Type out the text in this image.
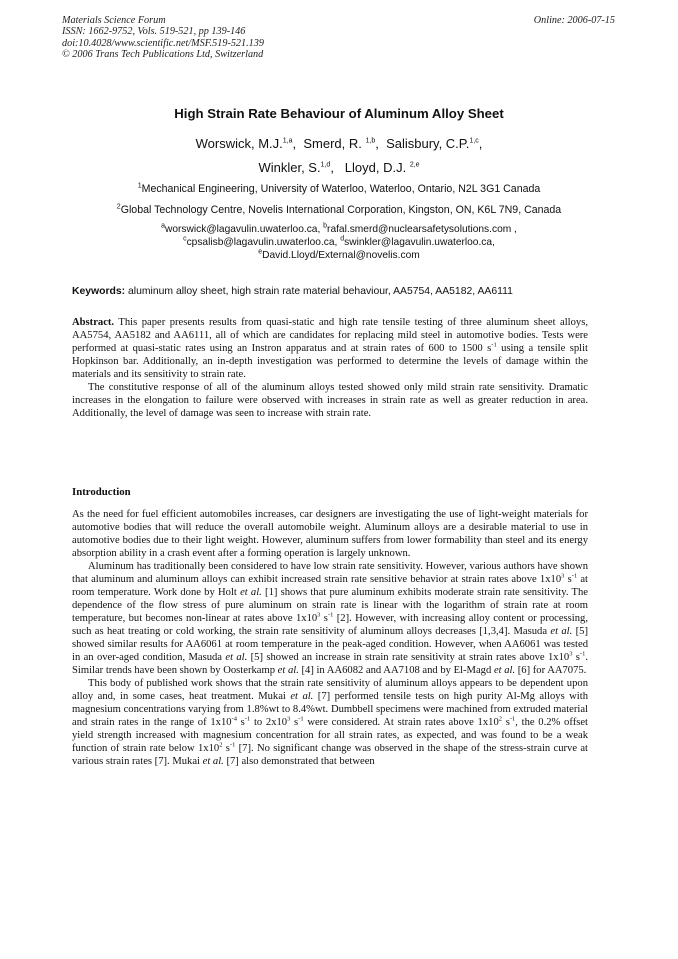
Materials Science Forum
ISSN: 1662-9752, Vols. 519-521, pp 139-146
doi:10.4028/www.scientific.net/MSF.519-521.139
© 2006 Trans Tech Publications Ltd, Switzerland
Online: 2006-07-15
High Strain Rate Behaviour of Aluminum Alloy Sheet
Worswick, M.J.$^{1,a}$,  Smerd, R. $^{1,b}$,  Salisbury, C.P.$^{1,c}$,
Winkler, S.$^{1,d}$,   Lloyd, D.J. $^{2,e}$
$^1$Mechanical Engineering, University of Waterloo, Waterloo, Ontario, N2L 3G1 Canada
$^2$Global Technology Centre, Novelis International Corporation, Kingston, ON, K6L 7N9, Canada
$^a$worswick@lagavulin.uwaterloo.ca, $^b$rafal.smerd@nuclearsafetysolutions.com ,
$^c$cpsalisb@lagavulin.uwaterloo.ca, $^d$swinkler@lagavulin.uwaterloo.ca,
$^e$David.Lloyd/External@novelis.com
Keywords: aluminum alloy sheet, high strain rate material behaviour, AA5754, AA5182, AA6111

Abstract. This paper presents results from quasi-static and high rate tensile testing of three aluminum sheet alloys, AA5754, AA5182 and AA6111, all of which are candidates for replacing mild steel in automotive bodies. Tests were performed at quasi-static rates using an Instron apparatus and at strain rates of 600 to 1500 $s^{-1}$ using a tensile split Hopkinson bar. Additionally, an in-depth investigation was performed to determine the levels of damage within the materials and its sensitivity to strain rate.

The constitutive response of all of the aluminum alloys tested showed only mild strain rate sensitivity. Dramatic increases in the elongation to failure were observed with increases in strain rate as well as greater reduction in area. Additionally, the level of damage was seen to increase with strain rate.

Introduction

As the need for fuel efficient automobiles increases, car designers are investigating the use of light-weight materials for automotive bodies that will reduce the overall automobile weight. Aluminum alloys are a desirable material to use in automotive bodies due to their light weight. However, aluminum suffers from lower formability than steel and its energy absorption ability in a crash event after a forming operation is largely unknown.

Aluminum has traditionally been considered to have low strain rate sensitivity. However, various authors have shown that aluminum and aluminum alloys can exhibit increased strain rate sensitive behavior at strain rates above $1x10^3$ $s^{-1}$ at room temperature. Work done by Holt et al. [1] shows that pure aluminum exhibits moderate strain rate sensitivity. The dependence of the flow stress of pure aluminum on strain rate is linear with the logarithm of strain rate at room temperature, but becomes non-linear at rates above $1x10^3$ $s^{-1}$ [2]. However, with increasing alloy content or processing, such as heat treating or cold working, the strain rate sensitivity of aluminum alloys decreases [1,3,4]. Masuda et al. [5] showed similar results for AA6061 at room temperature in the peak-aged condition. However, when AA6061 was tested in an over-aged condition, Masuda et al. [5] showed an increase in strain rate sensitivity at strain rates above $1x10^3$ $s^{-1}$. Similar trends have been shown by Oosterkamp et al. [4] in AA6082 and AA7108 and by El-Magd et al. [6] for AA7075.

This body of published work shows that the strain rate sensitivity of aluminum alloys appears to be dependent upon alloy and, in some cases, heat treatment. Mukai et al. [7] performed tensile tests on high purity Al-Mg alloys with magnesium concentrations varying from 1.8%wt to 8.4%wt. Dumbbell specimens were machined from extruded material and strain rates in the range of $1x10^{-4}$ $s^{-1}$ to $2x10^3$ $s^{-1}$ were considered. At strain rates above $1x10^2$ $s^{-1}$, the 0.2% offset yield strength increased with magnesium concentration for all strain rates, as expected, and was found to be a weak function of strain rate below $1x10^2$ $s^{-1}$ [7]. No significant change was observed in the shape of the stress-strain curve at various strain rates [7]. Mukai et al. [7] also demonstrated that between
